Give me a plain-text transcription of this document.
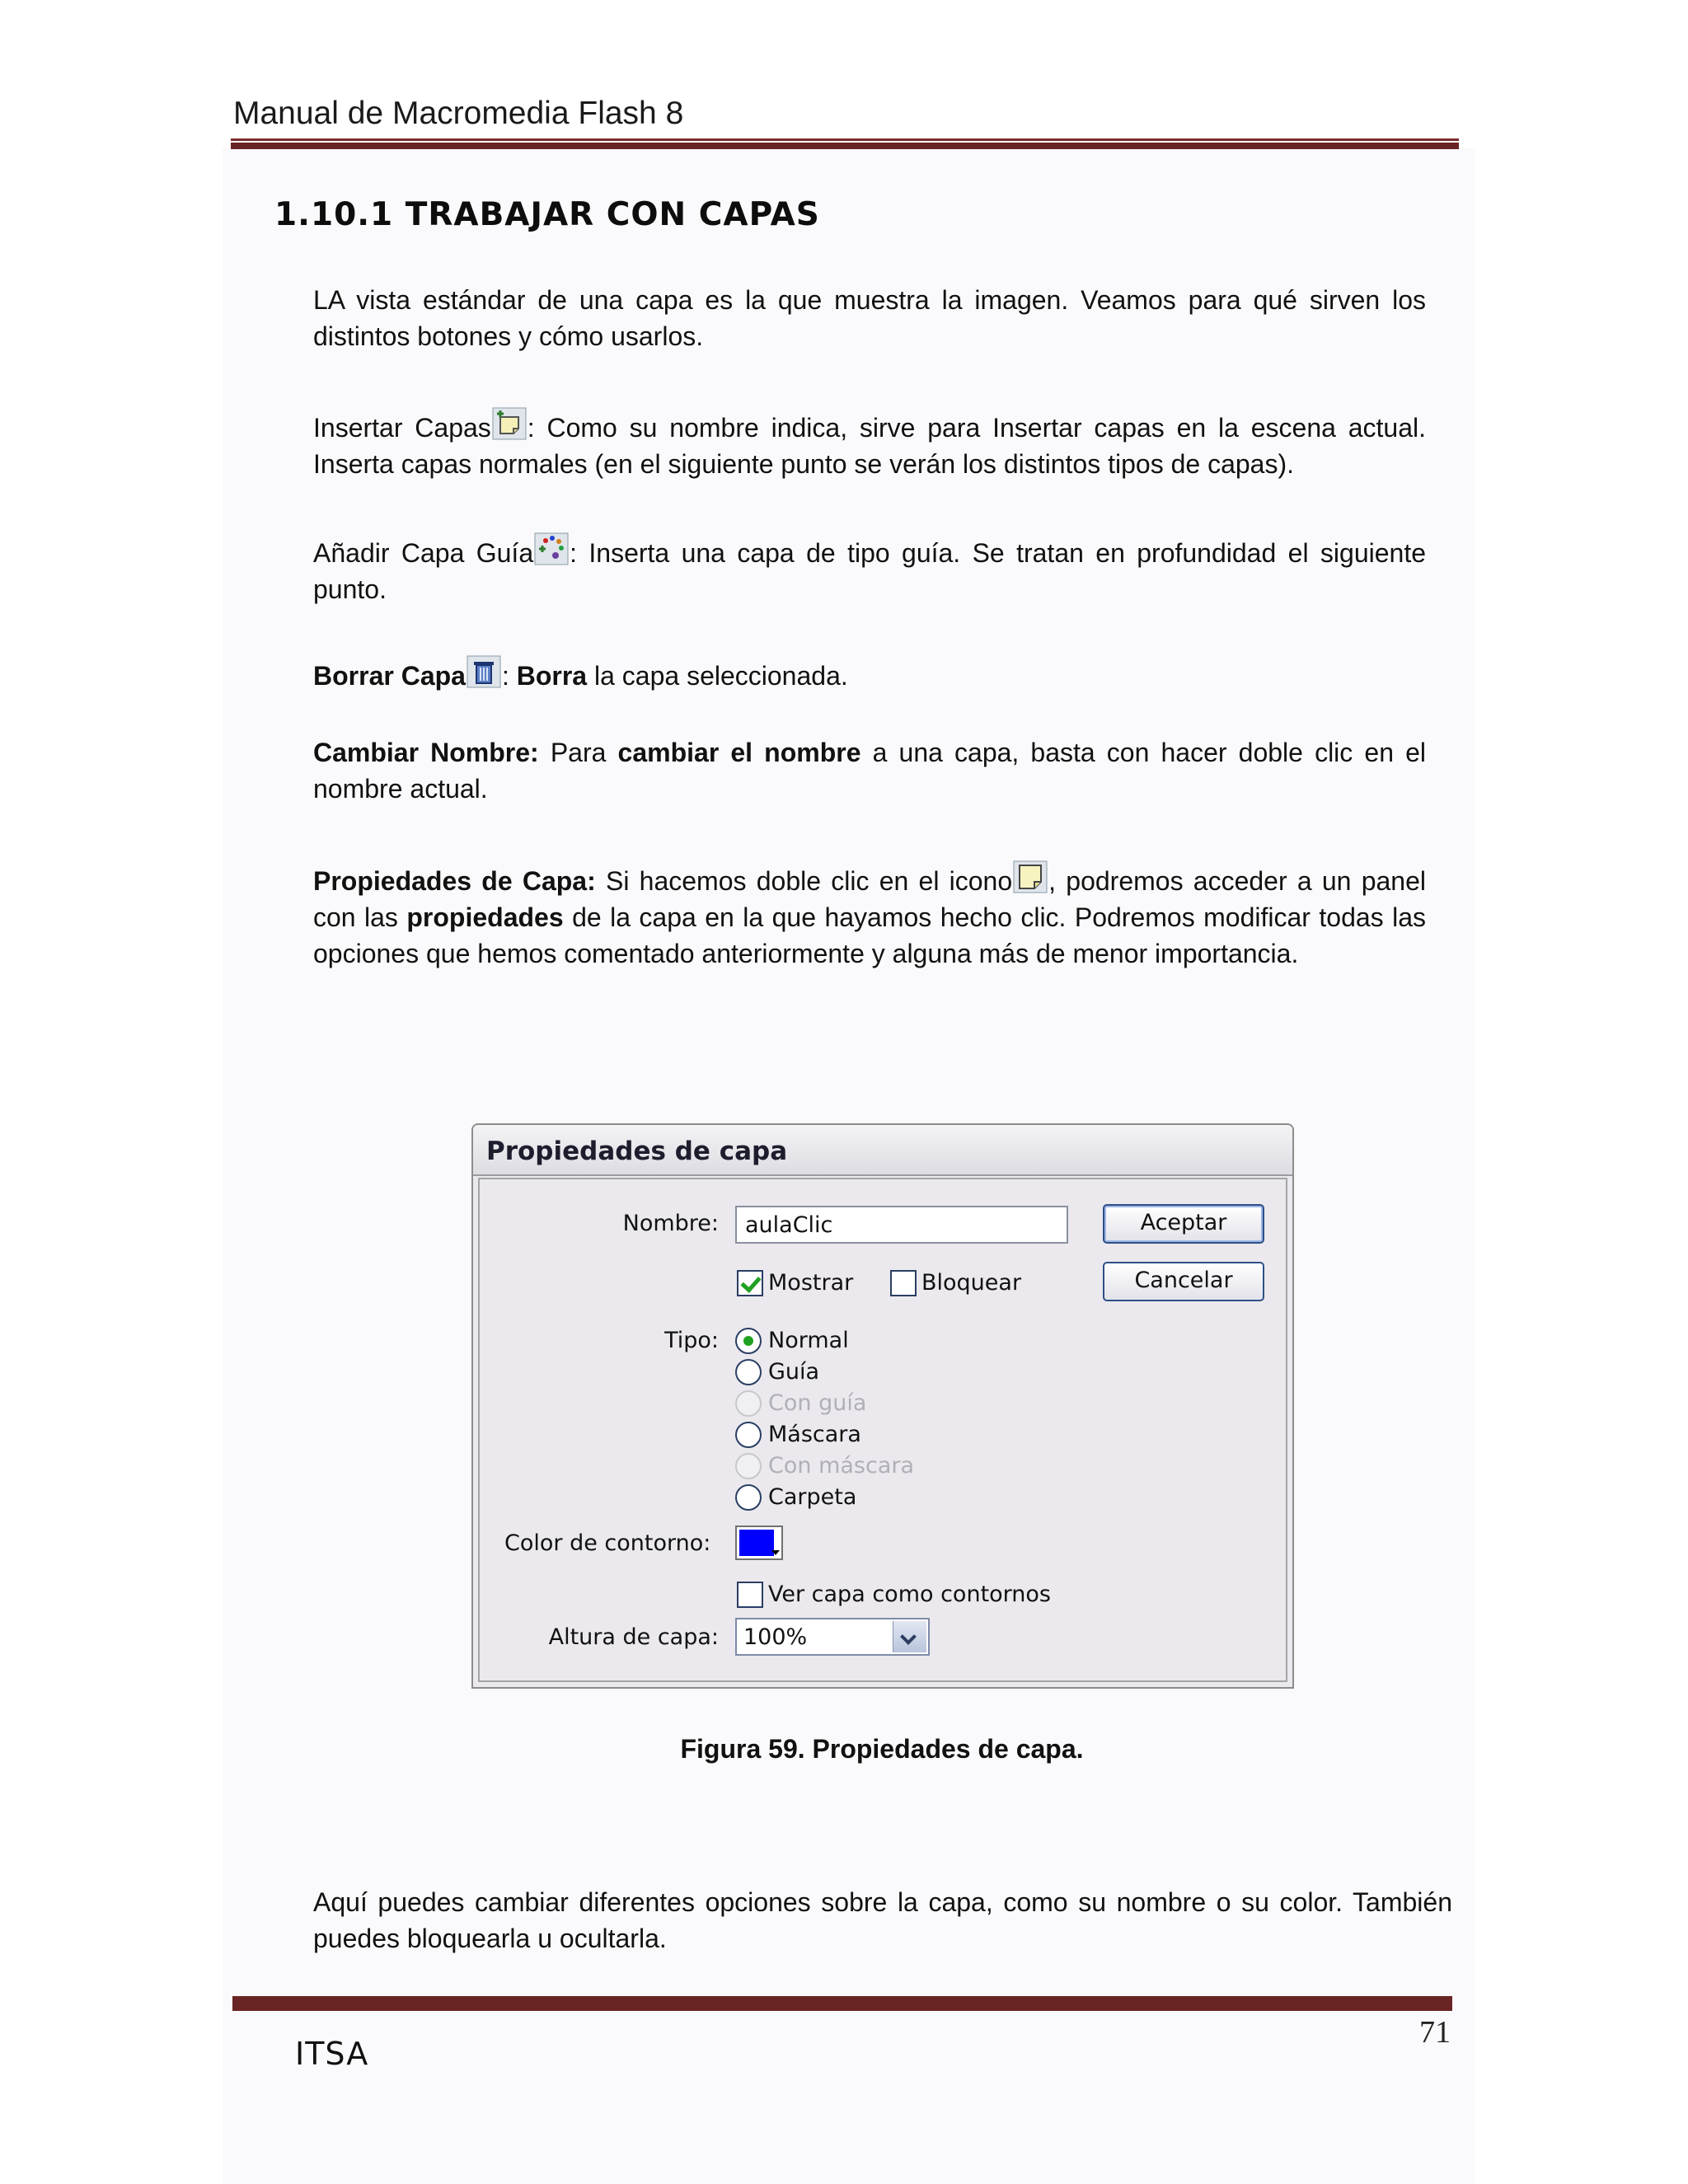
Manual de Macromedia Flash 8
1.10.1 TRABAJAR CON CAPAS
LA vista estándar de una capa es la que muestra la imagen. Veamos para qué sirven los distintos botones y cómo usarlos.
Insertar Capas : Como su nombre indica, sirve para Insertar capas en la escena actual. Inserta capas normales (en el siguiente punto se verán los distintos tipos de capas).
Añadir Capa Guía : Inserta una capa de tipo guía. Se tratan en profundidad el siguiente punto.
Borrar Capa : Borra la capa seleccionada.
Cambiar Nombre: Para cambiar el nombre a una capa, basta con hacer doble clic en el nombre actual.
Propiedades de Capa: Si hacemos doble clic en el icono , podremos acceder a un panel con las propiedades de la capa en la que hayamos hecho clic. Podremos modificar todas las opciones que hemos comentado anteriormente y alguna más de menor importancia.
Propiedades de capa
Nombre:	aulaClic	Aceptar
Cancelar
Mostrar	Bloquear
Tipo: Normal
Guía
Con guía
Máscara
Con máscara
Carpeta
Color de contorno:
Ver capa como contornos
Altura de capa:	100%
Figura 59. Propiedades de capa.
Aquí puedes cambiar diferentes opciones sobre la capa, como su nombre o su color. También puedes bloquearla u ocultarla.
71
ITSA
